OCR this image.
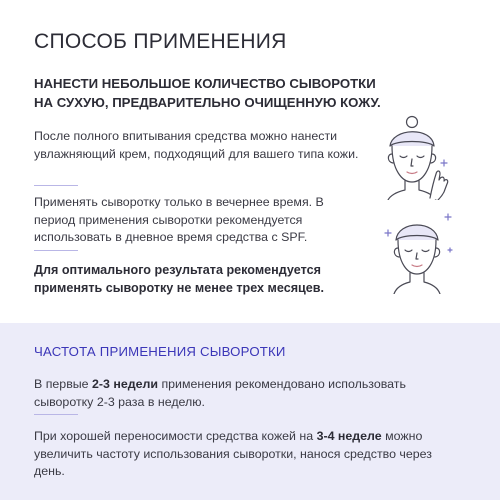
СПОСОБ ПРИМЕНЕНИЯ
НАНЕСТИ НЕБОЛЬШОЕ КОЛИЧЕСТВО СЫВОРОТКИ НА СУХУЮ, ПРЕДВАРИТЕЛЬНО ОЧИЩЕННУЮ КОЖУ.
После полного впитывания средства можно нанести увлажняющий крем, подходящий для вашего типа кожи.
Применять сыворотку только в вечернее время. В период применения сыворотки рекомендуется использовать в дневное время средства с SPF.
Для оптимального результата рекомендуется применять сыворотку не менее трех месяцев.
ЧАСТОТА ПРИМЕНЕНИЯ СЫВОРОТКИ
В первые 2-3 недели применения рекомендовано использовать сыворотку 2-3 раза в неделю.
При хорошей переносимости средства кожей на 3-4 неделе можно увеличить частоту использования сыворотки, нанося средство через день.
